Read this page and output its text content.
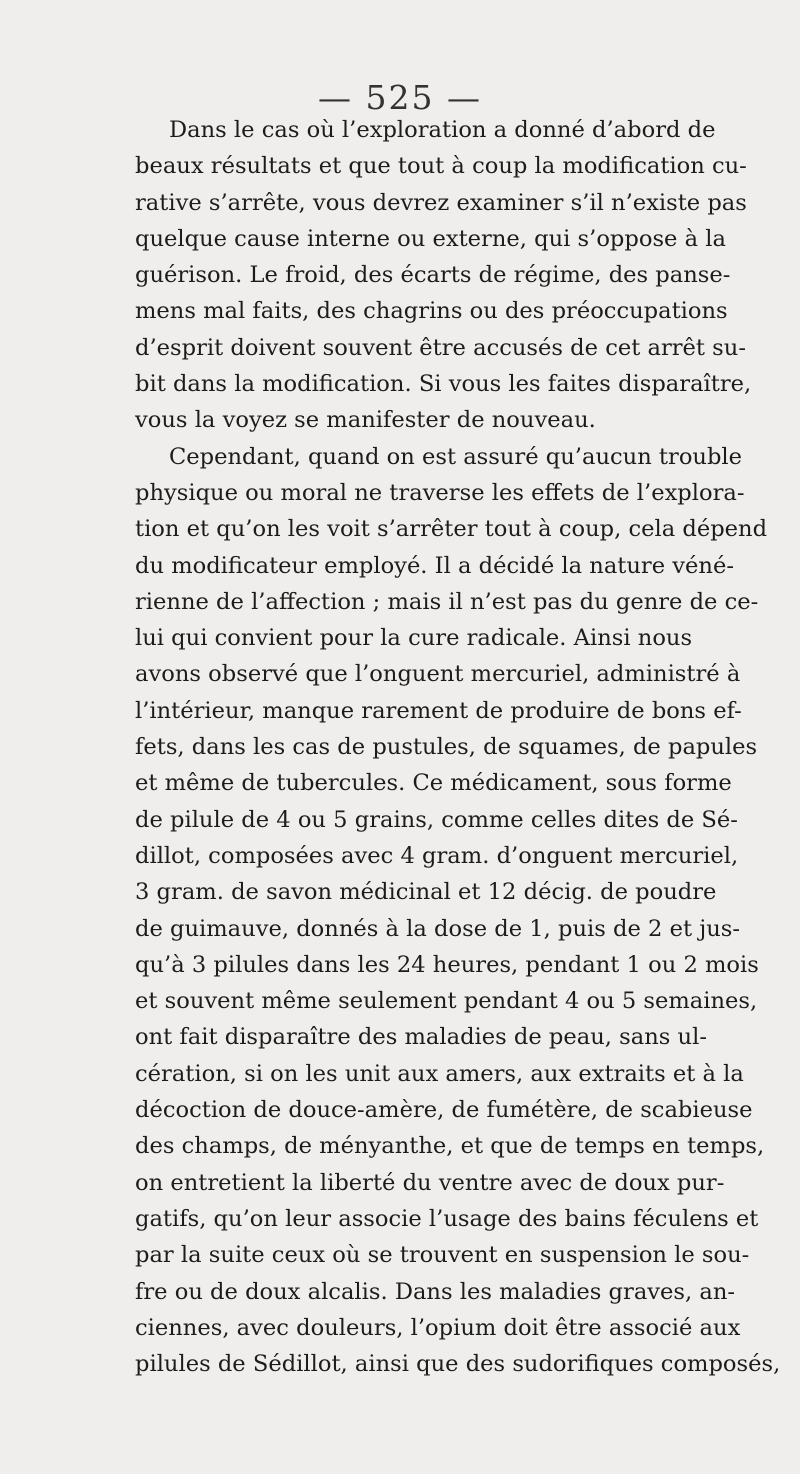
— 525 —
Dans le cas où l’exploration a donné d’abord de
beaux résultats et que tout à coup la modification cu-
rative s’arrête, vous devrez examiner s’il n’existe pas
quelque cause interne ou externe, qui s’oppose à la
guérison. Le froid, des écarts de régime, des panse-
mens mal faits, des chagrins ou des préoccupations
d’esprit doivent souvent être accusés de cet arrêt su-
bit dans la modification. Si vous les faites disparaître,
vous la voyez se manifester de nouveau.
Cependant, quand on est assuré qu’aucun trouble
physique ou moral ne traverse les effets de l’explora-
tion et qu’on les voit s’arrêter tout à coup, cela dépend
du modificateur employé. Il a décidé la nature véné-
rienne de l’affection ; mais il n’est pas du genre de ce-
lui qui convient pour la cure radicale. Ainsi nous
avons observé que l’onguent mercuriel, administré à
l’intérieur, manque rarement de produire de bons ef-
fets, dans les cas de pustules, de squames, de papules
et même de tubercules. Ce médicament, sous forme
de pilule de 4 ou 5 grains, comme celles dites de Sé-
dillot, composées avec 4 gram. d’onguent mercuriel,
3 gram. de savon médicinal et 12 décig. de poudre
de guimauve, donnés à la dose de 1, puis de 2 et jus-
qu’à 3 pilules dans les 24 heures, pendant 1 ou 2 mois
et souvent même seulement pendant 4 ou 5 semaines,
ont fait disparaître des maladies de peau, sans ul-
cération, si on les unit aux amers, aux extraits et à la
décoction de douce-amère, de fumétère, de scabieuse
des champs, de ményanthe, et que de temps en temps,
on entretient la liberté du ventre avec de doux pur-
gatifs, qu’on leur associe l’usage des bains féculens et
par la suite ceux où se trouvent en suspension le sou-
fre ou de doux alcalis. Dans les maladies graves, an-
ciennes, avec douleurs, l’opium doit être associé aux
pilules de Sédillot, ainsi que des sudorifiques composés,
